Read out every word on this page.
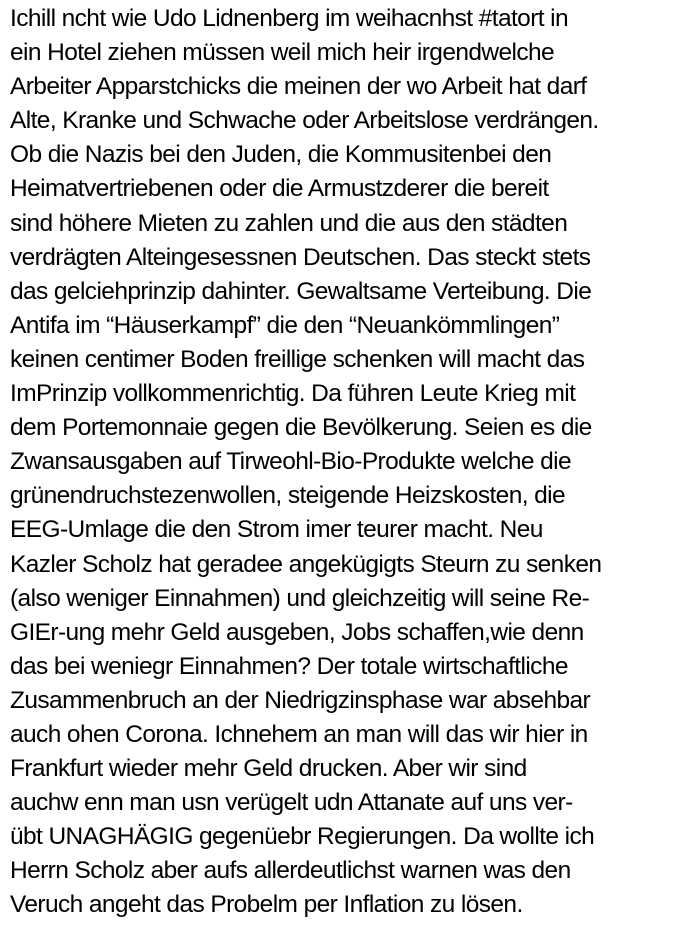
Ichill ncht wie Udo Lidnenberg im weihacnhst #tatort in
ein Hotel ziehen müssen weil mich heir irgendwelche
Arbeiter Apparstchicks die meinen der wo Arbeit hat darf
Alte, Kranke und Schwache oder Arbeitslose verdrängen.
Ob die Nazis bei den Juden, die Kommusitenbei den
Heimatvertriebenen oder die Armustzderer die bereit
sind höhere Mieten zu zahlen und die aus den städten
verdrägten Alteingesessnen Deutschen. Das steckt stets
das gelciehprinzip dahinter. Gewaltsame Verteibung. Die
Antifa im “Häuserkampf” die den “Neuankömmlingen”
keinen centimer Boden freillige schenken will macht das
ImPrinzip vollkommenrichtig. Da führen Leute Krieg mit
dem Portemonnaie gegen die Bevölkerung. Seien es die
Zwansausgaben auf Tirweohl-Bio-Produkte welche die
grünendruchstezenwollen, steigende Heizskosten, die
EEG-Umlage die den Strom imer teurer macht. Neu
Kazler Scholz hat geradee angekügigts Steurn zu senken
(also weniger Einnahmen) und gleichzeitig will seine Re-
GIEr-ung mehr Geld ausgeben, Jobs schaffen,wie denn
das bei weniegr Einnahmen? Der totale wirtschaftliche
Zusammenbruch an der Niedrigzinsphase war absehbar
auch ohen Corona. Ichnehem an man will das wir hier in
Frankfurt wieder mehr Geld drucken. Aber wir sind
auchw enn man usn verügelt udn Attanate auf uns ver-
übt UNAGHÄGIG gegenüebr Regierungen. Da wollte ich
Herrn Scholz aber aufs allerdeutlichst warnen was den
Veruch angeht das Probelm per Inflation zu lösen.
